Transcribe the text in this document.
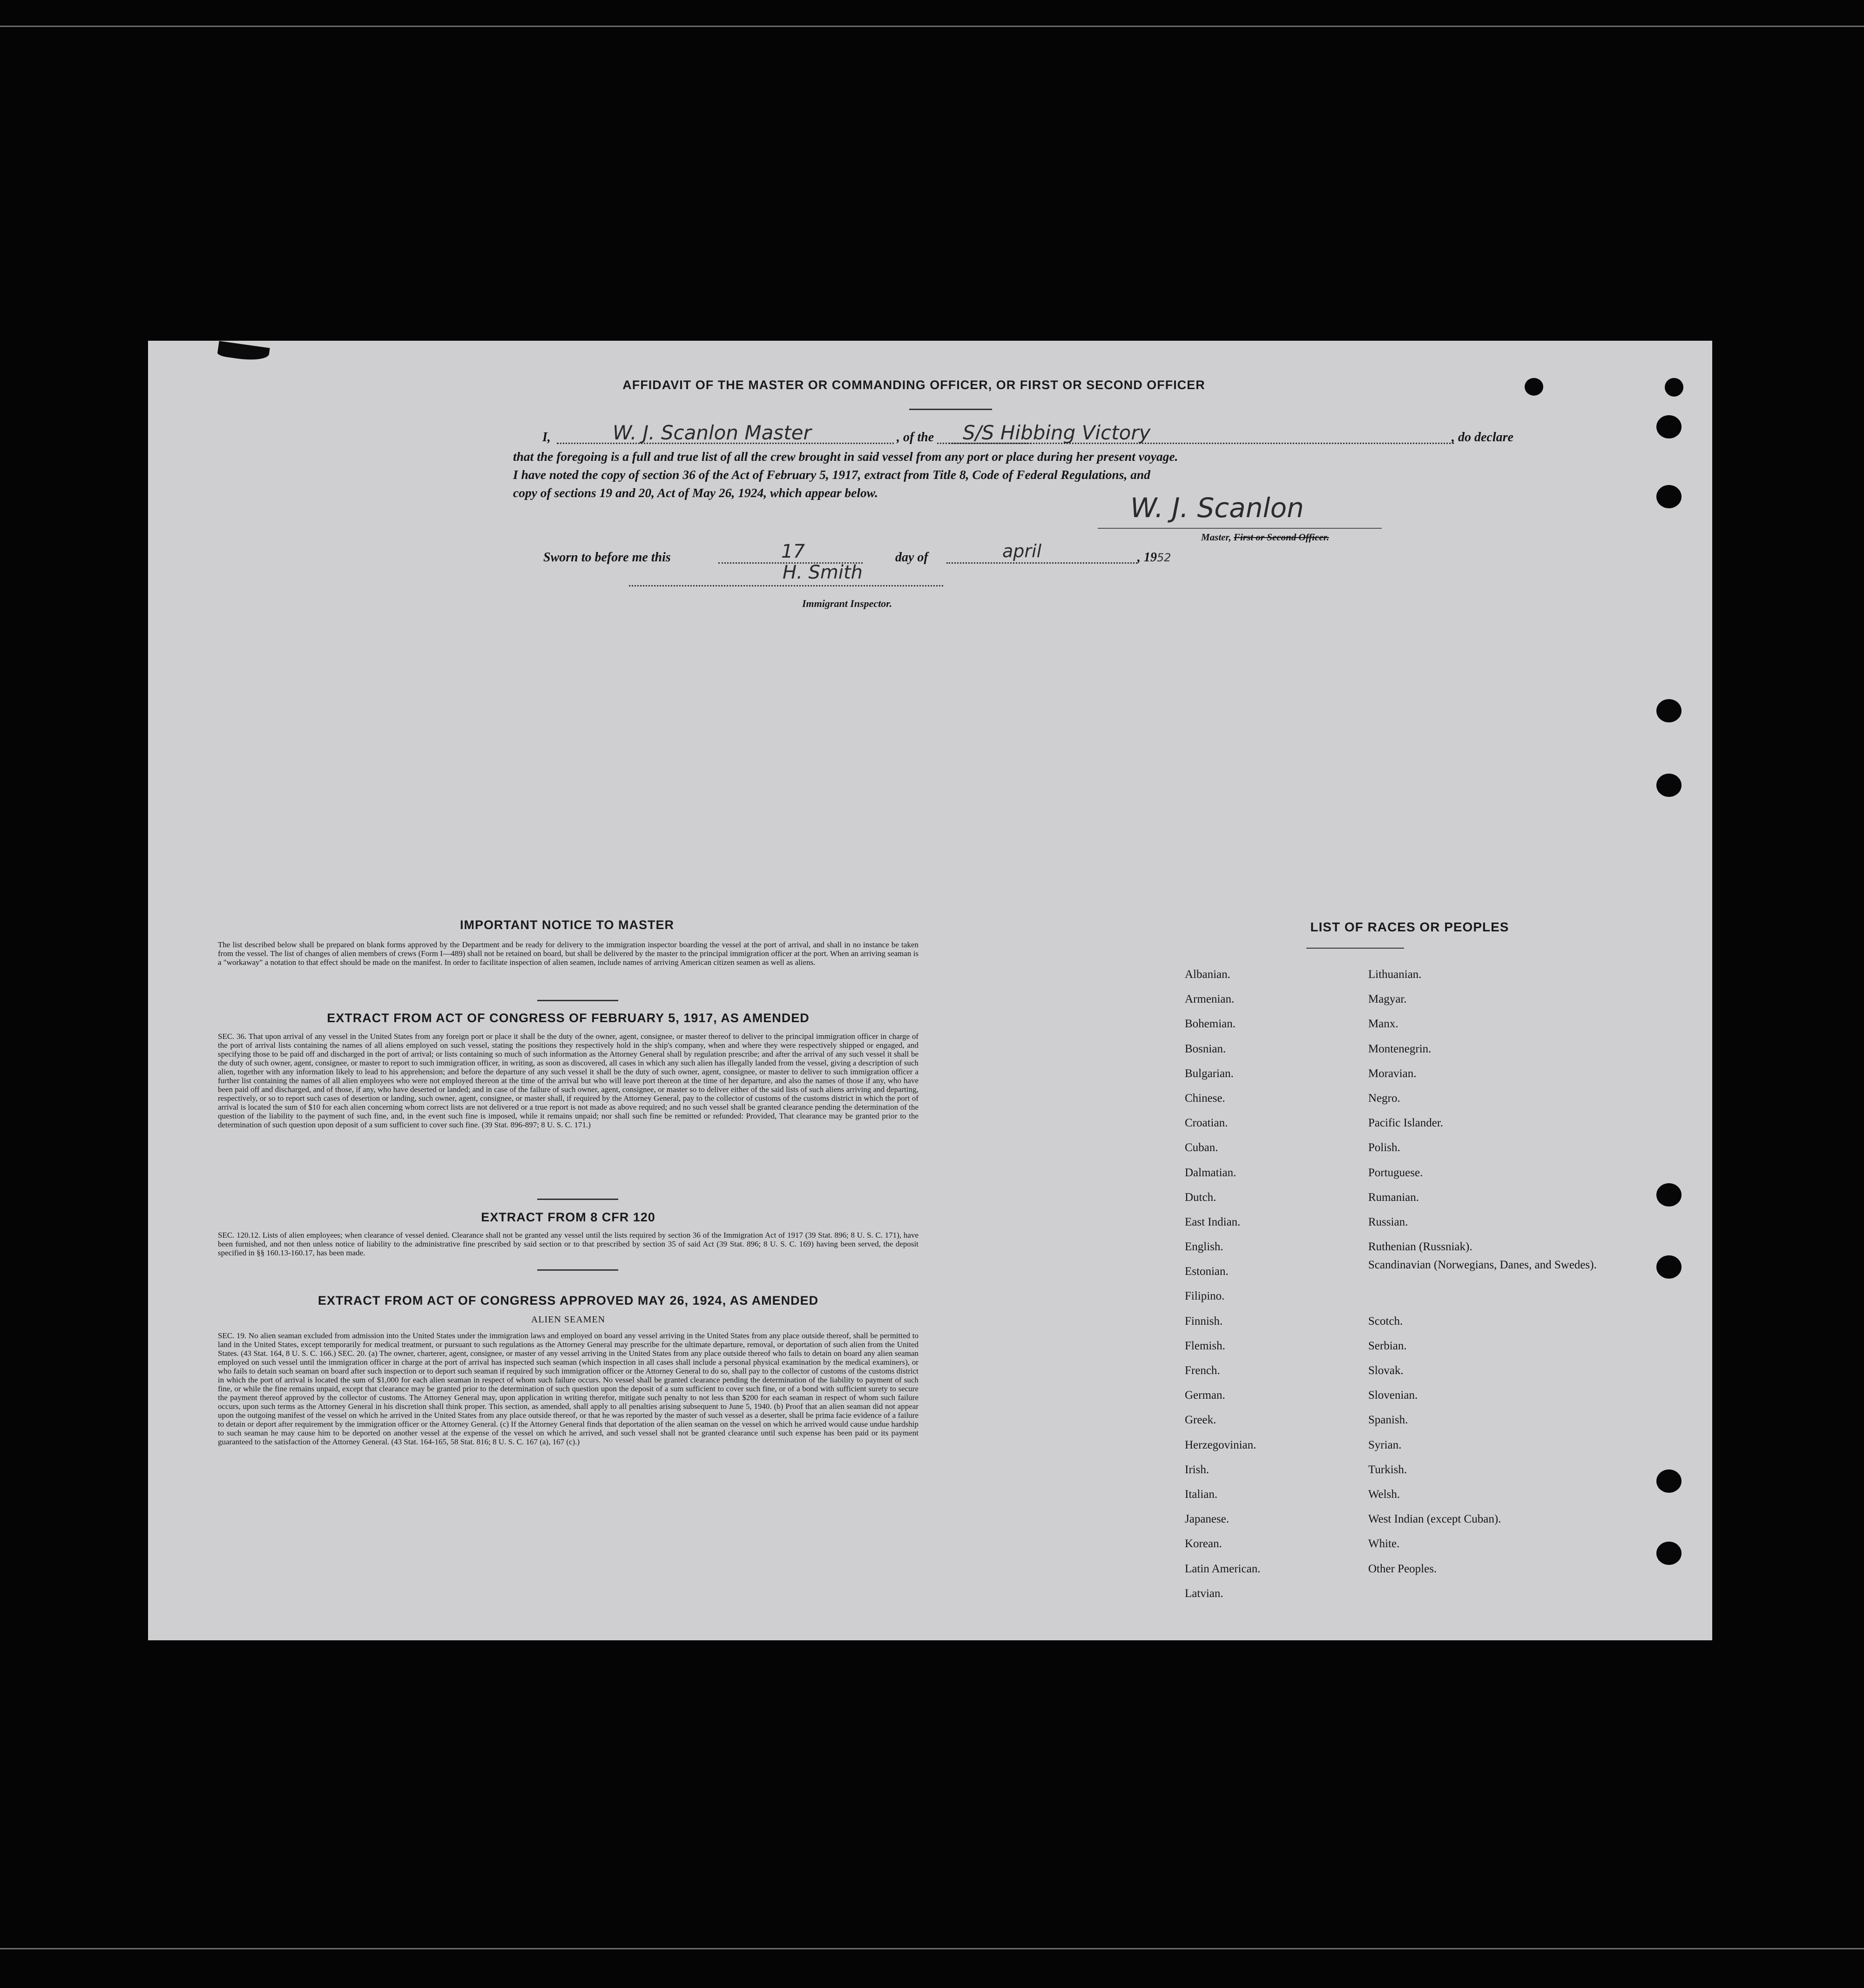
AFFIDAVIT OF THE MASTER OR COMMANDING OFFICER, OR FIRST OR SECOND OFFICER
I,	W. J. Scanlon Master	, of the S/S Hibbing Victory	, do declare
that the foregoing is a full and true list of all the crew brought in said vessel from any port or place during her present voyage.
I have noted the copy of section 36 of the Act of February 5, 1917, extract from Title 8, Code of Federal Regulations, and
copy of sections 19 and 20, Act of May 26, 1924, which appear below.	W. J. Scanlon
Master, First or Second Officer.
Sworn to before me this	17	day of	april	, 1952
H. Smith
Immigrant Inspector.
IMPORTANT NOTICE TO MASTER
The list described below shall be prepared on blank forms approved by the Department and be ready for delivery to the immigration inspector boarding the vessel at the port of arrival, and shall in no instance be taken from the vessel. The list of changes of alien members of crews (Form I—489) shall not be retained on board, but shall be delivered by the master to the principal immigration officer at the port. When an arriving seaman is a "workaway" a notation to that effect should be made on the manifest. In order to facilitate inspection of alien seamen, include names of arriving American citizen seamen as well as aliens.
EXTRACT FROM ACT OF CONGRESS OF FEBRUARY 5, 1917, AS AMENDED
SEC. 36. That upon arrival of any vessel in the United States from any foreign port or place it shall be the duty of the owner, agent, consignee, or master thereof to deliver to the principal immigration officer in charge of the port of arrival lists containing the names of all aliens employed on such vessel, stating the positions they respectively hold in the ship's company, when and where they were respectively shipped or engaged, and specifying those to be paid off and discharged in the port of arrival; or lists containing so much of such information as the Attorney General shall by regulation prescribe; and after the arrival of any such vessel it shall be the duty of such owner, agent, consignee, or master to report to such immigration officer, in writing, as soon as discovered, all cases in which any such alien has illegally landed from the vessel, giving a description of such alien, together with any information likely to lead to his apprehension; and before the departure of any such vessel it shall be the duty of such owner, agent, consignee, or master to deliver to such immigration officer a further list containing the names of all alien employees who were not employed thereon at the time of the arrival but who will leave port thereon at the time of her departure, and also the names of those if any, who have been paid off and discharged, and of those, if any, who have deserted or landed; and in case of the failure of such owner, agent, consignee, or master so to deliver either of the said lists of such aliens arriving and departing, respectively, or so to report such cases of desertion or landing, such owner, agent, consignee, or master shall, if required by the Attorney General, pay to the collector of customs of the customs district in which the port of arrival is located the sum of $10 for each alien concerning whom correct lists are not delivered or a true report is not made as above required; and no such vessel shall be granted clearance pending the determination of the question of the liability to the payment of such fine, and, in the event such fine is imposed, while it remains unpaid; nor shall such fine be remitted or refunded: Provided, That clearance may be granted prior to the determination of such question upon deposit of a sum sufficient to cover such fine. (39 Stat. 896-897; 8 U. S. C. 171.)
EXTRACT FROM 8 CFR 120
SEC. 120.12. Lists of alien employees; when clearance of vessel denied. Clearance shall not be granted any vessel until the lists required by section 36 of the Immigration Act of 1917 (39 Stat. 896; 8 U. S. C. 171), have been furnished, and not then unless notice of liability to the administrative fine prescribed by said section or to that prescribed by section 35 of said Act (39 Stat. 896; 8 U. S. C. 169) having been served, the deposit specified in §§ 160.13-160.17, has been made.
EXTRACT FROM ACT OF CONGRESS APPROVED MAY 26, 1924, AS AMENDED
ALIEN SEAMEN
SEC. 19. No alien seaman excluded from admission into the United States under the immigration laws and employed on board any vessel arriving in the United States from any place outside thereof, shall be permitted to land in the United States, except temporarily for medical treatment, or pursuant to such regulations as the Attorney General may prescribe for the ultimate departure, removal, or deportation of such alien from the United States. (43 Stat. 164, 8 U. S. C. 166.) SEC. 20. (a) The owner, charterer, agent, consignee, or master of any vessel arriving in the United States from any place outside thereof who fails to detain on board any alien seaman employed on such vessel until the immigration officer in charge at the port of arrival has inspected such seaman (which inspection in all cases shall include a personal physical examination by the medical examiners), or who fails to detain such seaman on board after such inspection or to deport such seaman if required by such immigration officer or the Attorney General to do so, shall pay to the collector of customs of the customs district in which the port of arrival is located the sum of $1,000 for each alien seaman in respect of whom such failure occurs. No vessel shall be granted clearance pending the determination of the liability to payment of such fine, or while the fine remains unpaid, except that clearance may be granted prior to the determination of such question upon the deposit of a sum sufficient to cover such fine, or of a bond with sufficient surety to secure the payment thereof approved by the collector of customs. The Attorney General may, upon application in writing therefor, mitigate such penalty to not less than $200 for each seaman in respect of whom such failure occurs, upon such terms as the Attorney General in his discretion shall think proper. This section, as amended, shall apply to all penalties arising subsequent to June 5, 1940. (b) Proof that an alien seaman did not appear upon the outgoing manifest of the vessel on which he arrived in the United States from any place outside thereof, or that he was reported by the master of such vessel as a deserter, shall be prima facie evidence of a failure to detain or deport after requirement by the immigration officer or the Attorney General. (c) If the Attorney General finds that deportation of the alien seaman on the vessel on which he arrived would cause undue hardship to such seaman he may cause him to be deported on another vessel at the expense of the vessel on which he arrived, and such vessel shall not be granted clearance until such expense has been paid or its payment guaranteed to the satisfaction of the Attorney General. (43 Stat. 164-165, 58 Stat. 816; 8 U. S. C. 167 (a), 167 (c).)
LIST OF RACES OR PEOPLES
Albanian.
Armenian.
Bohemian.
Bosnian.
Bulgarian.
Chinese.
Croatian.
Cuban.
Dalmatian.
Dutch.
East Indian.
English.
Estonian.
Filipino.
Finnish.
Flemish.
French.
German.
Greek.
Herzegovinian.
Irish.
Italian.
Japanese.
Korean.
Latin American.
Latvian.
Lithuanian.
Magyar.
Manx.
Montenegrin.
Moravian.
Negro.
Pacific Islander.
Polish.
Portuguese.
Rumanian.
Russian.
Ruthenian (Russniak).
Scandinavian (Norwegians, Danes, and Swedes).
Scotch.
Serbian.
Slovak.
Slovenian.
Spanish.
Syrian.
Turkish.
Welsh.
West Indian (except Cuban).
White.
Other Peoples.
